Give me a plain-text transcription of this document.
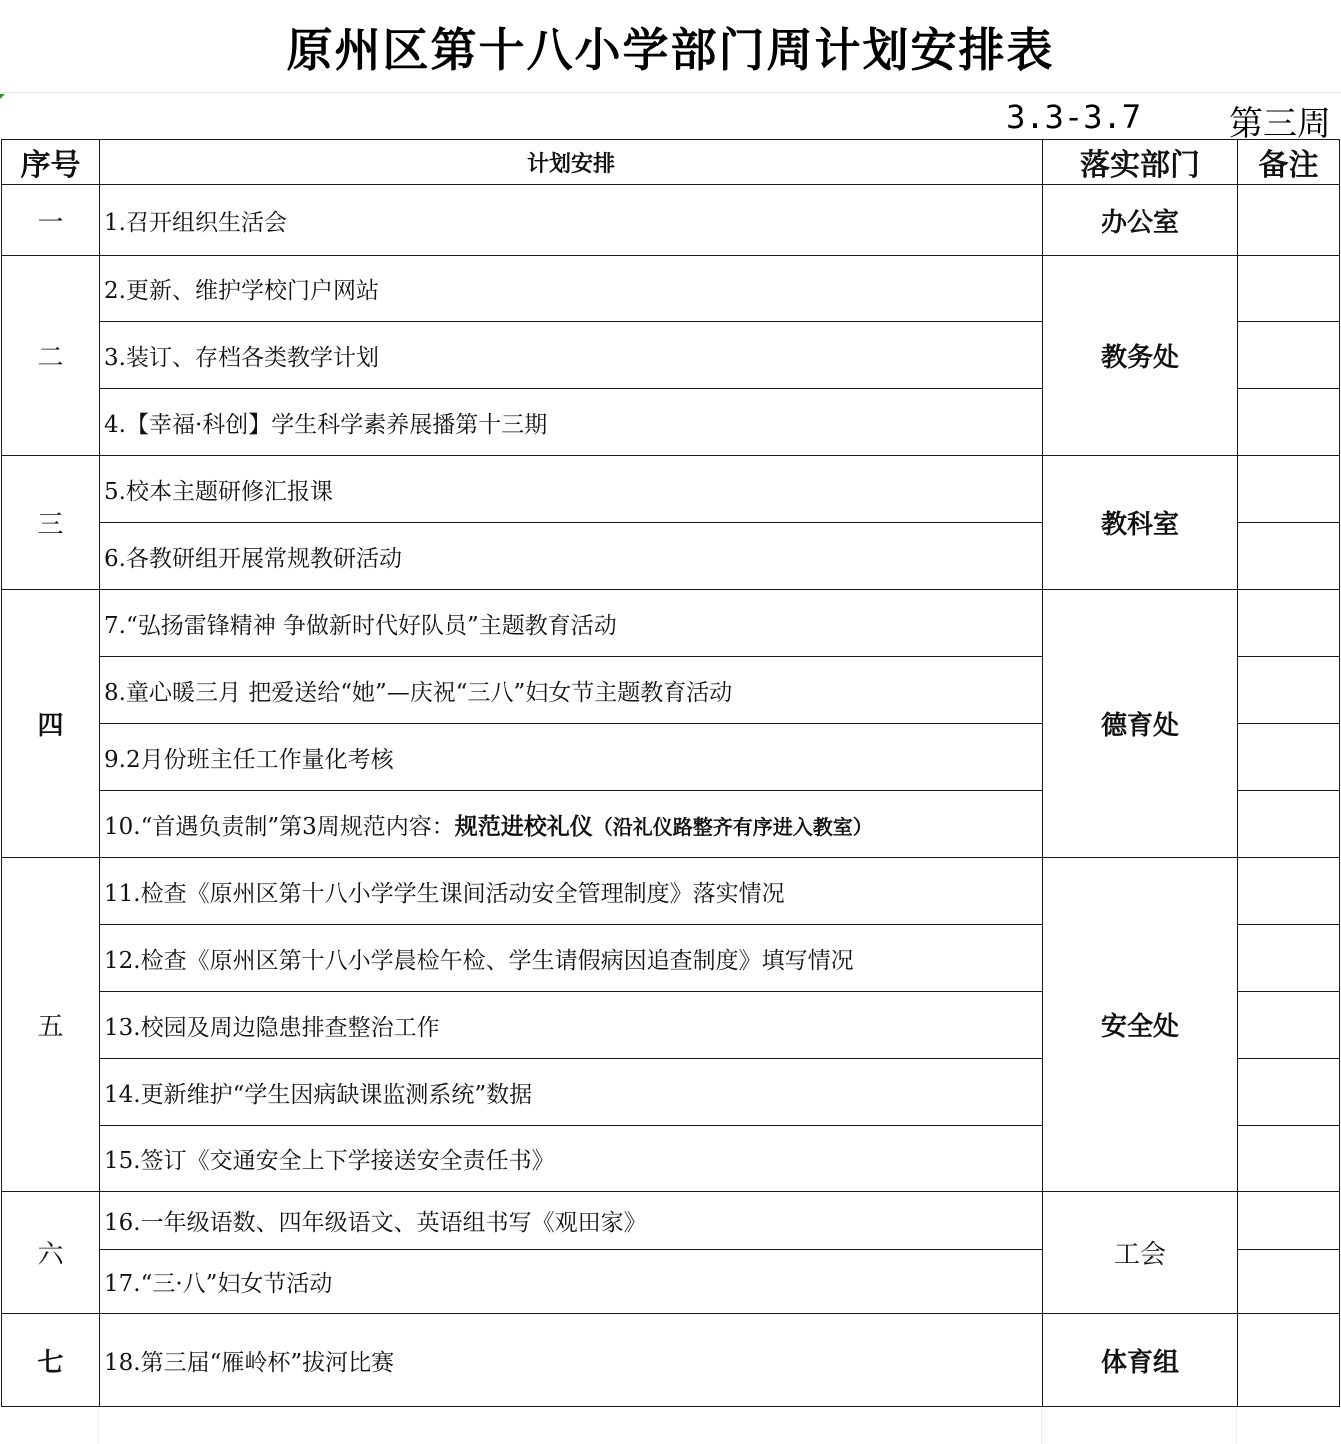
原州区第十八小学部门周计划安排表
3.3-3.7	第三周
序号	计划安排	落实部门	备注
一	1.召开组织生活会	办公室	
二	2.更新、维护学校门户网站	教务处	
	3.装订、存档各类教学计划		
	4.【幸福·科创】学生科学素养展播第十三期		
三	5.校本主题研修汇报课	教科室	
	6.各教研组开展常规教研活动		
四	7.“弘扬雷锋精神 争做新时代好队员”主题教育活动	德育处	
	8.童心暖三月 把爱送给“她”—庆祝“三八”妇女节主题教育活动		
	9.2月份班主任工作量化考核		
	10.“首遇负责制”第3周规范内容：规范进校礼仪（沿礼仪路整齐有序进入教室）		
五	11.检查《原州区第十八小学学生课间活动安全管理制度》落实情况	安全处	
	12.检查《原州区第十八小学晨检午检、学生请假病因追查制度》填写情况		
	13.校园及周边隐患排查整治工作		
	14.更新维护“学生因病缺课监测系统”数据		
	15.签订《交通安全上下学接送安全责任书》		
六	16.一年级语数、四年级语文、英语组书写《观田家》	工会	
	17.“三·八”妇女节活动		
七	18.第三届“雁岭杯”拔河比赛	体育组	
